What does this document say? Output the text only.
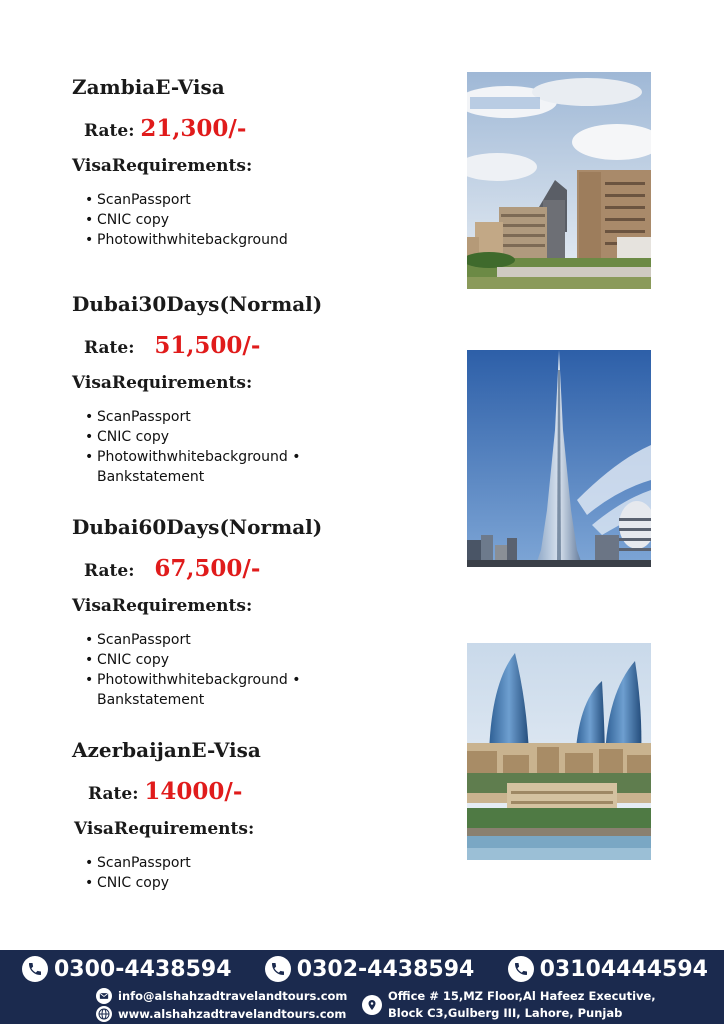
ZambiaE-Visa
Rate: 21,300/-
VisaRequirements:
• ScanPassport
• CNIC copy
• Photowithwhitebackground
Dubai30Days(Normal)
Rate: 51,500/-
VisaRequirements:
• ScanPassport
• CNIC copy
• Photowithwhitebackground •
Bankstatement
Dubai60Days(Normal)
Rate: 67,500/-
VisaRequirements:
• ScanPassport
• CNIC copy
• Photowithwhitebackground •
Bankstatement
AzerbaijanE-Visa
Rate: 14000/-
VisaRequirements:
• ScanPassport
• CNIC copy
0300-4438594	0302-4438594	03104444594
info@alshahzadtravelandtours.com
www.alshahzadtravelandtours.com
Office # 15,MZ Floor,Al Hafeez Executive,
Block C3,Gulberg III, Lahore, Punjab
